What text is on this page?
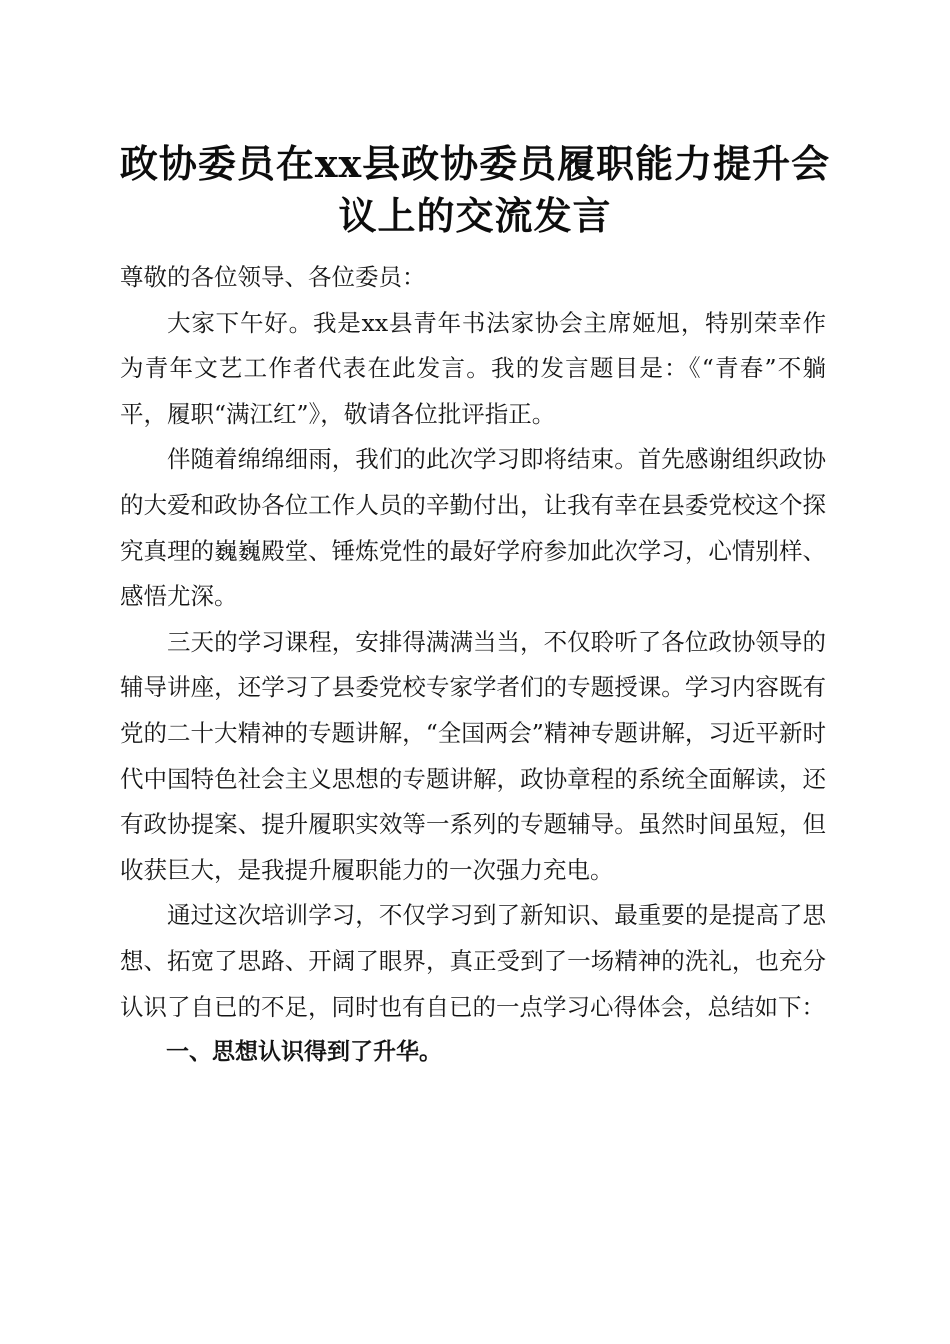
政协委员在xx县政协委员履职能力提升会议上的交流发言

尊敬的各位领导、各位委员：

大家下午好。我是xx县青年书法家协会主席姬旭，特别荣幸作为青年文艺工作者代表在此发言。我的发言题目是：《“青春”不躺平，履职“满江红”》，敬请各位批评指正。

伴随着绵绵细雨，我们的此次学习即将结束。首先感谢组织政协的大爱和政协各位工作人员的辛勤付出，让我有幸在县委党校这个探究真理的巍巍殿堂、锤炼党性的最好学府参加此次学习，心情别样、感悟尤深。

三天的学习课程，安排得满满当当，不仅聆听了各位政协领导的辅导讲座，还学习了县委党校专家学者们的专题授课。学习内容既有党的二十大精神的专题讲解，“全国两会”精神专题讲解，习近平新时代中国特色社会主义思想的专题讲解，政协章程的系统全面解读，还有政协提案、提升履职实效等一系列的专题辅导。虽然时间虽短，但收获巨大，是我提升履职能力的一次强力充电。

通过这次培训学习，不仅学习到了新知识、最重要的是提高了思想、拓宽了思路、开阔了眼界，真正受到了一场精神的洗礼，也充分认识了自已的不足，同时也有自已的一点学习心得体会，总结如下：

一、思想认识得到了升华。
